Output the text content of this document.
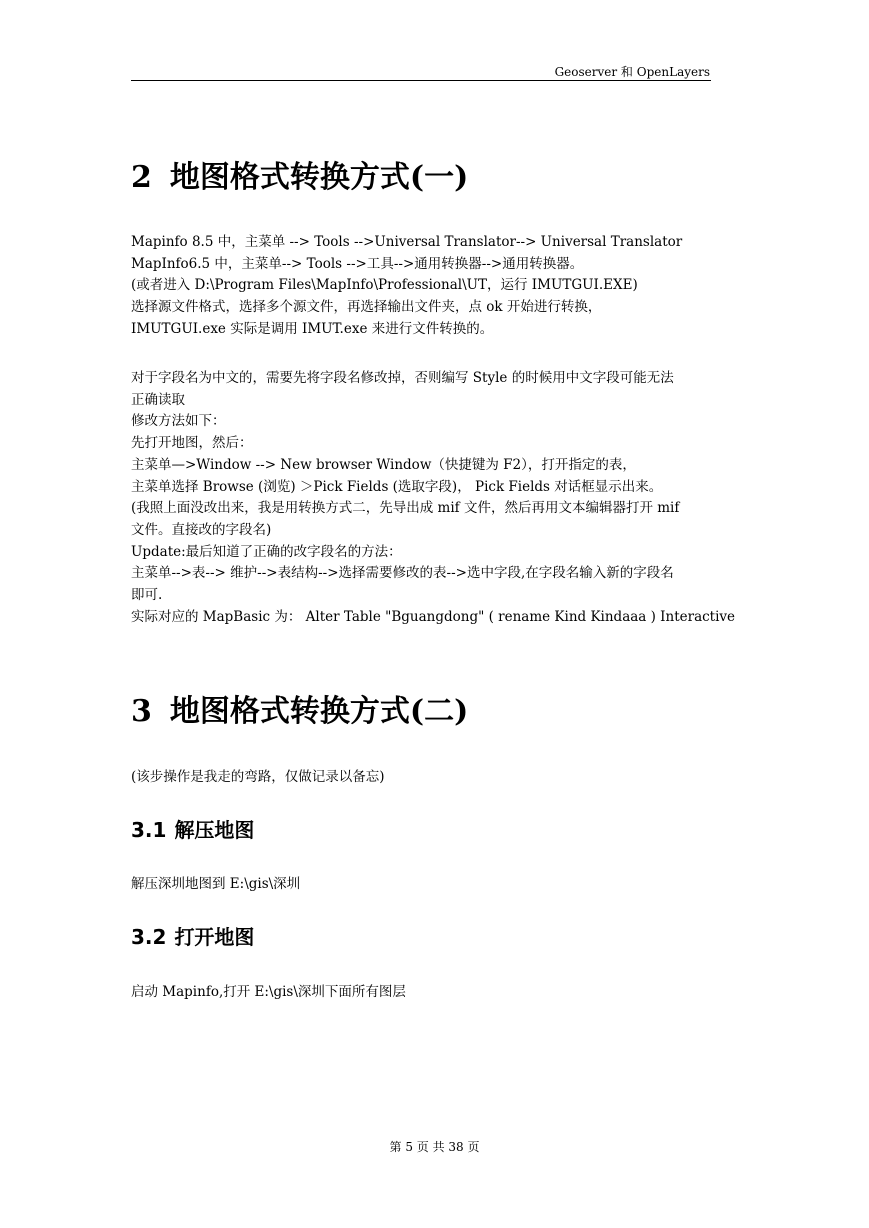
Geoserver 和 OpenLayers
2 地图格式转换方式(一)
Mapinfo 8.5 中，主菜单 --> Tools -->Universal Translator--> Universal Translator
MapInfo6.5 中，主菜单--> Tools -->工具-->通用转换器-->通用转换器。
(或者进入 D:\Program Files\MapInfo\Professional\UT，运行 IMUTGUI.EXE)
选择源文件格式，选择多个源文件，再选择输出文件夹，点 ok 开始进行转换，
IMUTGUI.exe 实际是调用 IMUT.exe 来进行文件转换的。
对于字段名为中文的，需要先将字段名修改掉，否则编写 Style 的时候用中文字段可能无法
正确读取
修改方法如下：
先打开地图，然后：
主菜单—>Window --> New browser Window（快捷键为 F2），打开指定的表，
主菜单选择 Browse (浏览) ＞Pick Fields (选取字段)， Pick Fields 对话框显示出来。
(我照上面没改出来，我是用转换方式二，先导出成 mif 文件，然后再用文本编辑器打开 mif
文件。直接改的字段名)
Update:最后知道了正确的改字段名的方法：
主菜单-->表--> 维护-->表结构-->选择需要修改的表-->选中字段,在字段名输入新的字段名
即可.
实际对应的 MapBasic 为： Alter Table "Bguangdong" ( rename Kind Kindaaa ) Interactive
3 地图格式转换方式(二)
(该步操作是我走的弯路，仅做记录以备忘)
3.1 解压地图
解压深圳地图到 E:\gis\深圳
3.2 打开地图
启动 Mapinfo,打开 E:\gis\深圳下面所有图层
第 5 页 共 38 页
